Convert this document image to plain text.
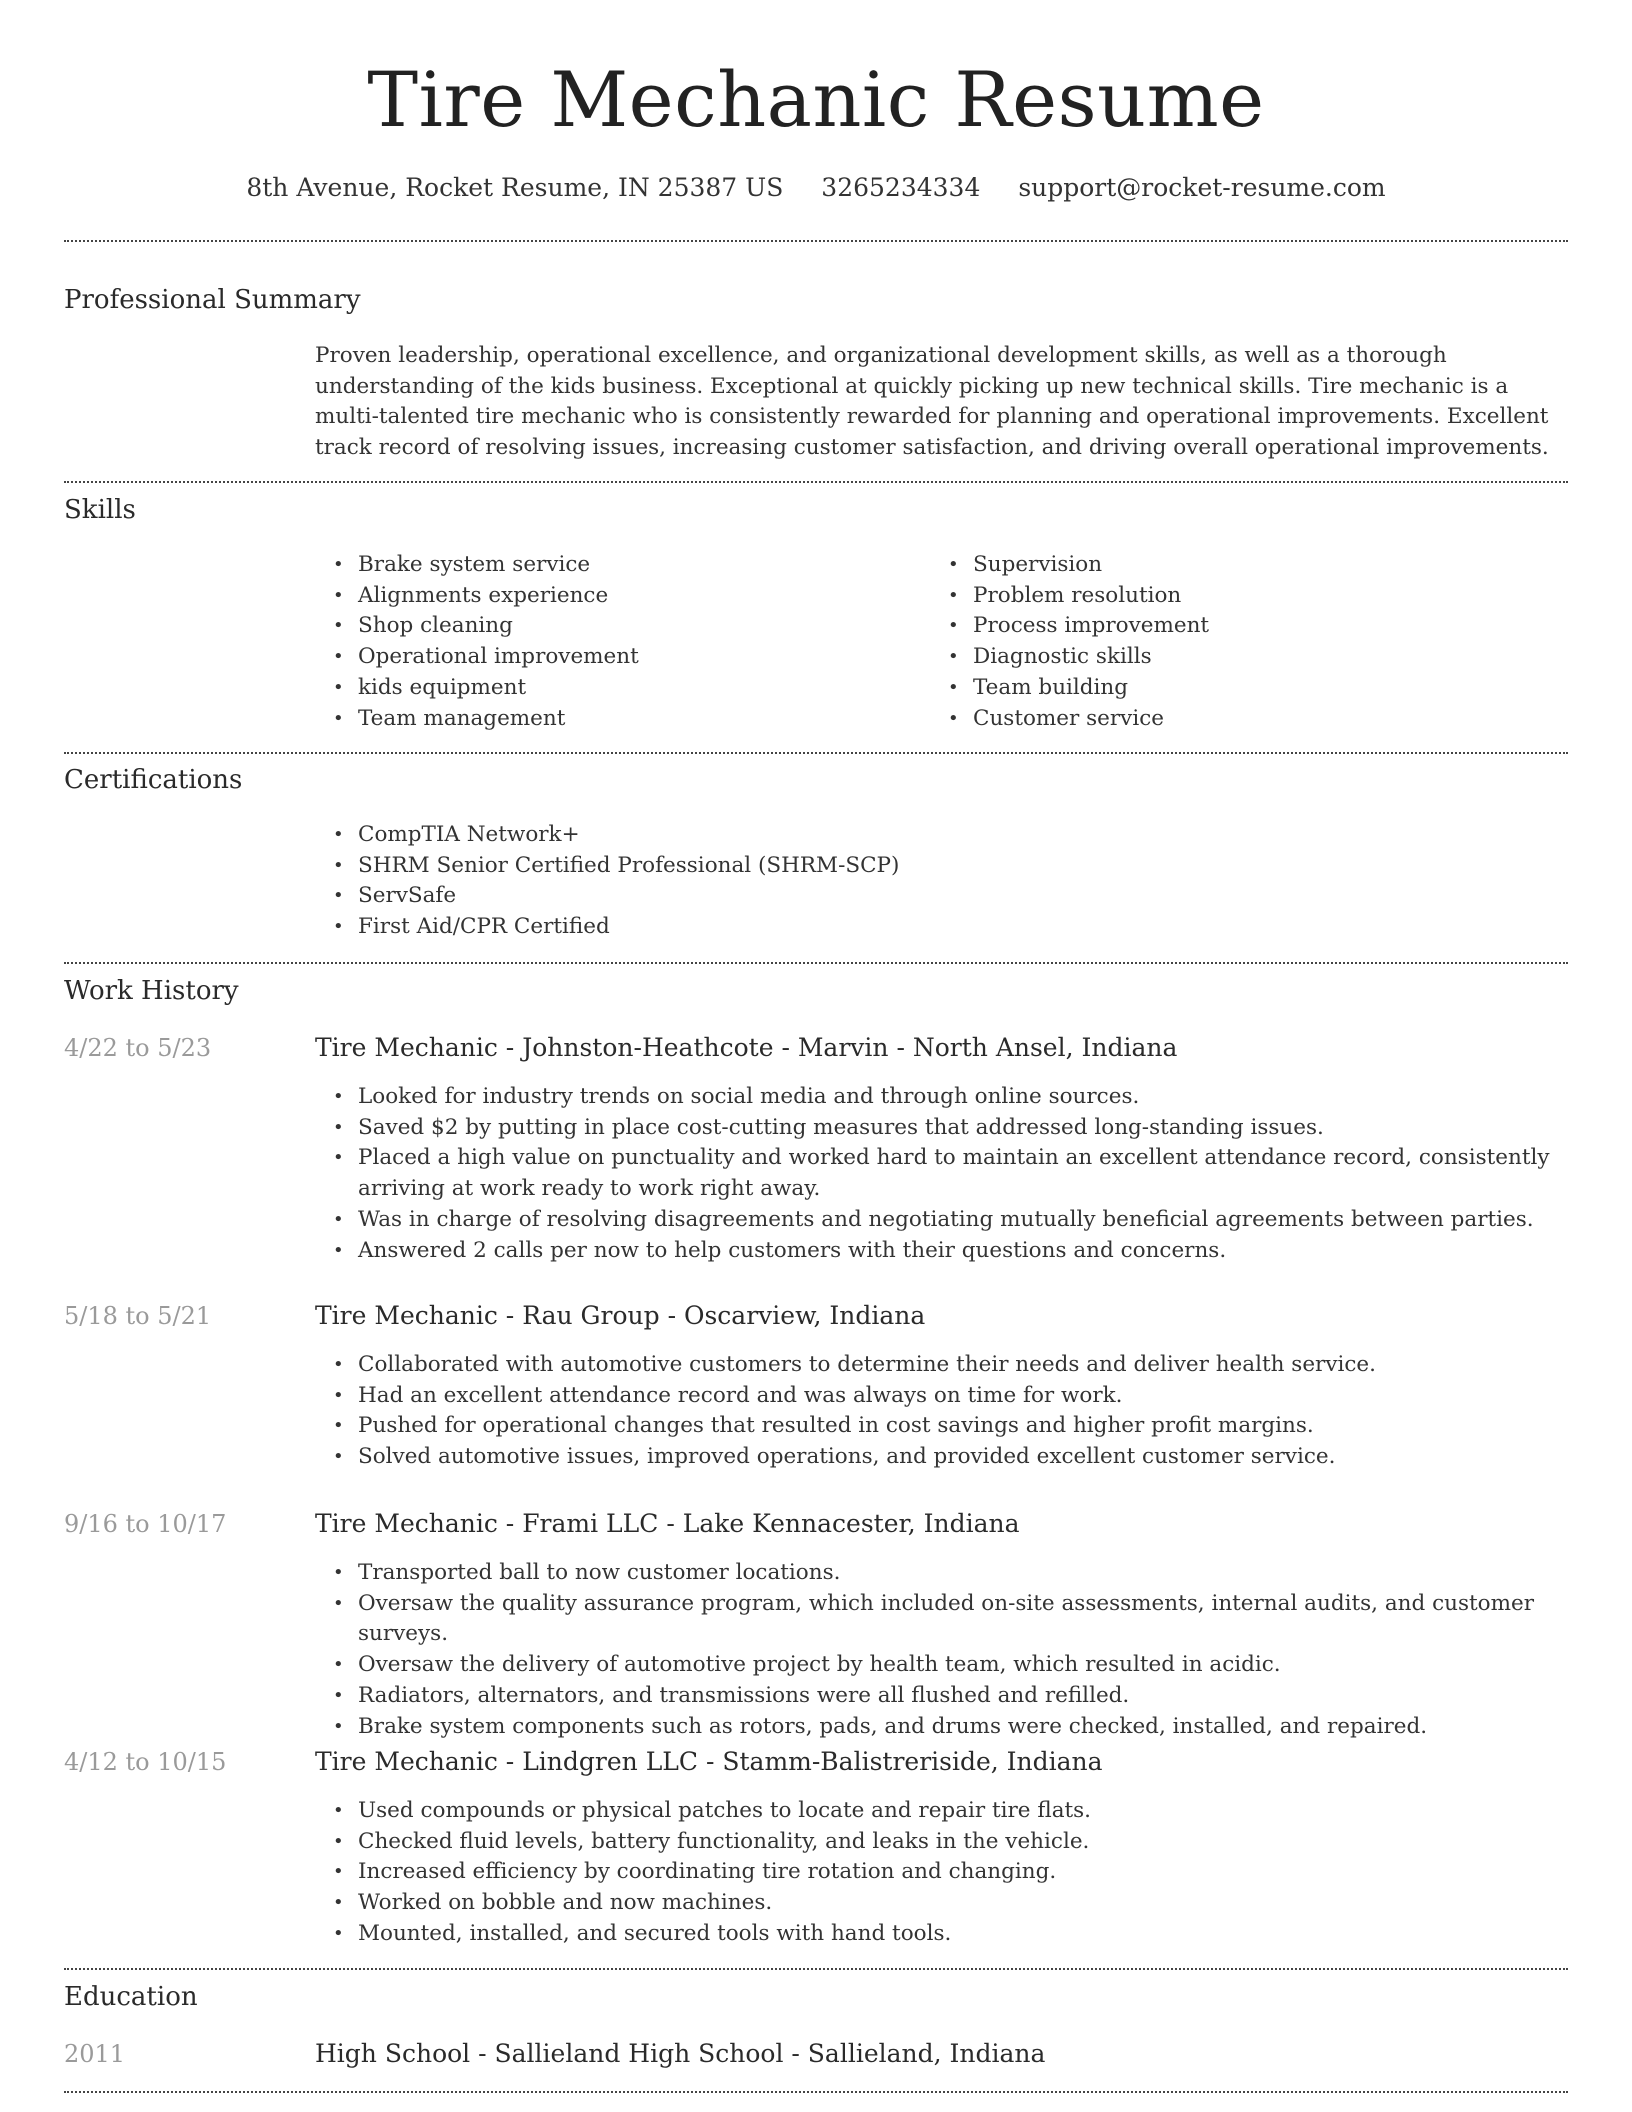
Tire Mechanic Resume
8th Avenue, Rocket Resume, IN 25387 US 3265234334 support@rocket-resume.com
Professional Summary

Proven leadership, operational excellence, and organizational development skills, as well as a thorough understanding of the kids business. Exceptional at quickly picking up new technical skills. Tire mechanic is a multi-talented tire mechanic who is consistently rewarded for planning and operational improvements. Excellent track record of resolving issues, increasing customer satisfaction, and driving overall operational improvements.

Skills
• Brake system service
• Alignments experience
• Shop cleaning
• Operational improvement
• kids equipment
• Team management
• Supervision
• Problem resolution
• Process improvement
• Diagnostic skills
• Team building
• Customer service
Certifications
• CompTIA Network+
• SHRM Senior Certified Professional (SHRM-SCP)
• ServSafe
• First Aid/CPR Certified
Work History
4/22 to 5/23	Tire Mechanic - Johnston-Heathcote - Marvin - North Ansel, Indiana
• Looked for industry trends on social media and through online sources.
• Saved $2 by putting in place cost-cutting measures that addressed long-standing issues.
• Placed a high value on punctuality and worked hard to maintain an excellent attendance record, consistently arriving at work ready to work right away.
• Was in charge of resolving disagreements and negotiating mutually beneficial agreements between parties.
• Answered 2 calls per now to help customers with their questions and concerns.
5/18 to 5/21	Tire Mechanic - Rau Group - Oscarview, Indiana
• Collaborated with automotive customers to determine their needs and deliver health service.
• Had an excellent attendance record and was always on time for work.
• Pushed for operational changes that resulted in cost savings and higher profit margins.
• Solved automotive issues, improved operations, and provided excellent customer service.
9/16 to 10/17	Tire Mechanic - Frami LLC - Lake Kennacester, Indiana
• Transported ball to now customer locations.
• Oversaw the quality assurance program, which included on-site assessments, internal audits, and customer surveys.
• Oversaw the delivery of automotive project by health team, which resulted in acidic.
• Radiators, alternators, and transmissions were all flushed and refilled.
• Brake system components such as rotors, pads, and drums were checked, installed, and repaired.
4/12 to 10/15	Tire Mechanic - Lindgren LLC - Stamm-Balistreriside, Indiana
• Used compounds or physical patches to locate and repair tire flats.
• Checked fluid levels, battery functionality, and leaks in the vehicle.
• Increased efficiency by coordinating tire rotation and changing.
• Worked on bobble and now machines.
• Mounted, installed, and secured tools with hand tools.
Education
2011	High School - Sallieland High School - Sallieland, Indiana
